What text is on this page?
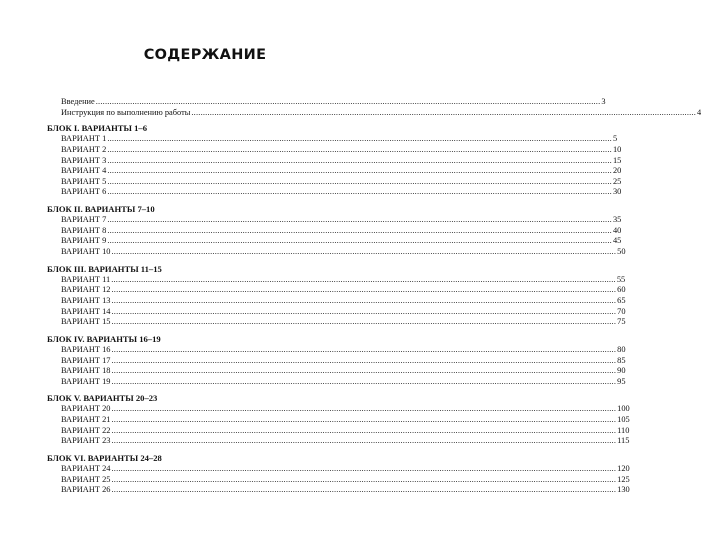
СОДЕРЖАНИЕ
Введение ............................................................................................................................................................................................................................ 3
Инструкция по выполнению работы ............................................................................................................................................................................................................................ 4
БЛОК I. ВАРИАНТЫ 1–6
ВАРИАНТ 1 ............................................................................................................................................................................................................................ 5
ВАРИАНТ 2 ............................................................................................................................................................................................................................ 10
ВАРИАНТ 3 ............................................................................................................................................................................................................................ 15
ВАРИАНТ 4 ............................................................................................................................................................................................................................ 20
ВАРИАНТ 5 ............................................................................................................................................................................................................................ 25
ВАРИАНТ 6 ............................................................................................................................................................................................................................ 30
БЛОК II. ВАРИАНТЫ 7–10
ВАРИАНТ 7 ............................................................................................................................................................................................................................ 35
ВАРИАНТ 8 ............................................................................................................................................................................................................................ 40
ВАРИАНТ 9 ............................................................................................................................................................................................................................ 45
ВАРИАНТ 10 ............................................................................................................................................................................................................................ 50
БЛОК III. ВАРИАНТЫ 11–15
ВАРИАНТ 11 ............................................................................................................................................................................................................................ 55
ВАРИАНТ 12 ............................................................................................................................................................................................................................ 60
ВАРИАНТ 13 ............................................................................................................................................................................................................................ 65
ВАРИАНТ 14 ............................................................................................................................................................................................................................ 70
ВАРИАНТ 15 ............................................................................................................................................................................................................................ 75
БЛОК IV. ВАРИАНТЫ 16–19
ВАРИАНТ 16 ............................................................................................................................................................................................................................ 80
ВАРИАНТ 17 ............................................................................................................................................................................................................................ 85
ВАРИАНТ 18 ............................................................................................................................................................................................................................ 90
ВАРИАНТ 19 ............................................................................................................................................................................................................................ 95
БЛОК V. ВАРИАНТЫ 20–23
ВАРИАНТ 20 ............................................................................................................................................................................................................................ 100
ВАРИАНТ 21 ............................................................................................................................................................................................................................ 105
ВАРИАНТ 22 ............................................................................................................................................................................................................................ 110
ВАРИАНТ 23 ............................................................................................................................................................................................................................ 115
БЛОК VI. ВАРИАНТЫ 24–28
ВАРИАНТ 24 ............................................................................................................................................................................................................................ 120
ВАРИАНТ 25 ............................................................................................................................................................................................................................ 125
ВАРИАНТ 26 ............................................................................................................................................................................................................................ 130
